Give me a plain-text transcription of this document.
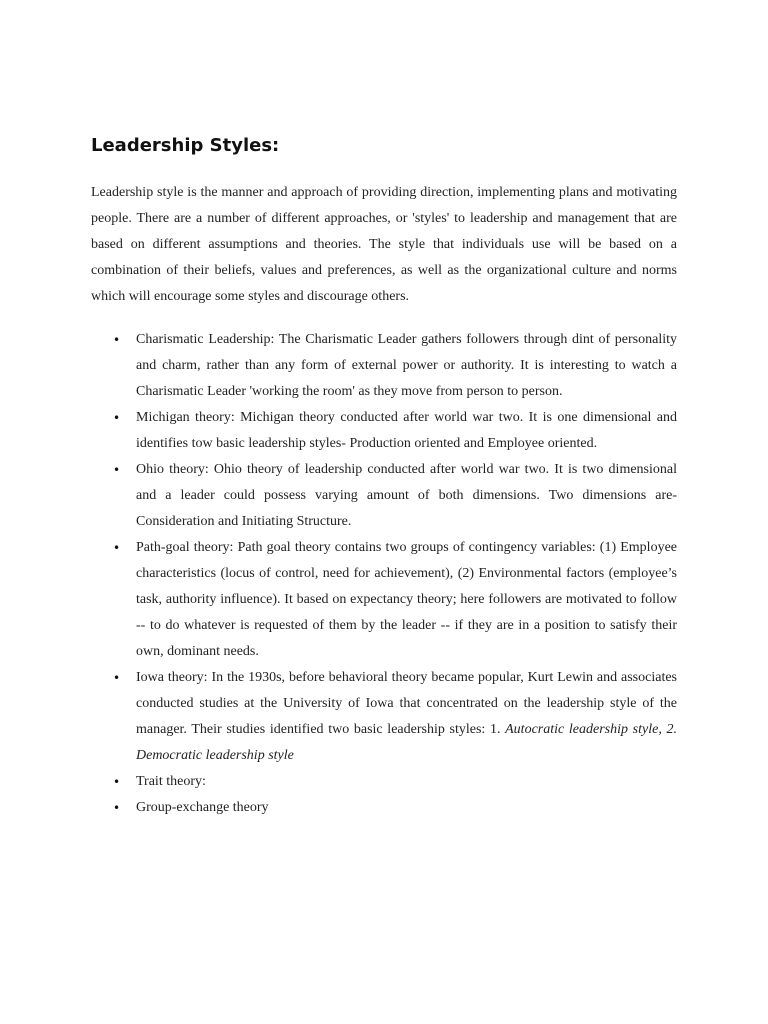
Leadership Styles:

Leadership style is the manner and approach of providing direction, implementing plans and motivating people. There are a number of different approaches, or 'styles' to leadership and management that are based on different assumptions and theories. The style that individuals use will be based on a combination of their beliefs, values and preferences, as well as the organizational culture and norms which will encourage some styles and discourage others.

• Charismatic Leadership: The Charismatic Leader gathers followers through dint of personality and charm, rather than any form of external power or authority. It is interesting to watch a Charismatic Leader 'working the room' as they move from person to person.
• Michigan theory: Michigan theory conducted after world war two. It is one dimensional and identifies tow basic leadership styles- Production oriented and Employee oriented.
• Ohio theory: Ohio theory of leadership conducted after world war two. It is two dimensional and a leader could possess varying amount of both dimensions. Two dimensions are- Consideration and Initiating Structure.
• Path-goal theory: Path goal theory contains two groups of contingency variables: (1) Employee characteristics (locus of control, need for achievement), (2) Environmental factors (employee’s task, authority influence). It based on expectancy theory; here followers are motivated to follow -- to do whatever is requested of them by the leader -- if they are in a position to satisfy their own, dominant needs.
• Iowa theory: In the 1930s, before behavioral theory became popular, Kurt Lewin and associates conducted studies at the University of Iowa that concentrated on the leadership style of the manager. Their studies identified two basic leadership styles: 1. Autocratic leadership style, 2. Democratic leadership style
• Trait theory:
• Group-exchange theory
